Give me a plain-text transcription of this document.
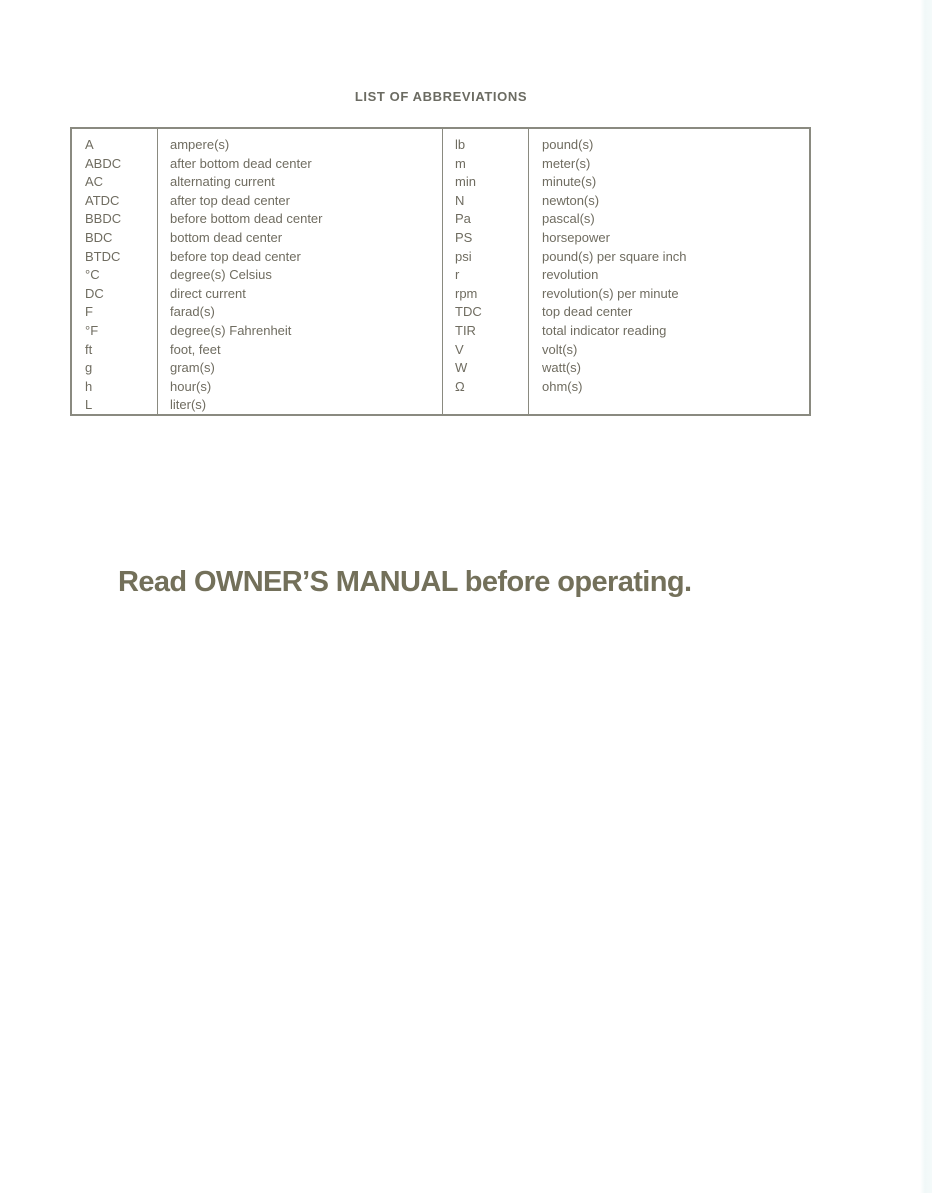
LIST OF ABBREVIATIONS
A
ABDC
AC
ATDC
BBDC
BDC
BTDC
°C
DC
F
°F
ft
g
h
L
ampere(s)
after bottom dead center
alternating current
after top dead center
before bottom dead center
bottom dead center
before top dead center
degree(s) Celsius
direct current
farad(s)
degree(s) Fahrenheit
foot, feet
gram(s)
hour(s)
liter(s)
lb
m
min
N
Pa
PS
psi
r
rpm
TDC
TIR
V
W
Ω
pound(s)
meter(s)
minute(s)
newton(s)
pascal(s)
horsepower
pound(s) per square inch
revolution
revolution(s) per minute
top dead center
total indicator reading
volt(s)
watt(s)
ohm(s)
Read OWNER’S MANUAL before operating.
